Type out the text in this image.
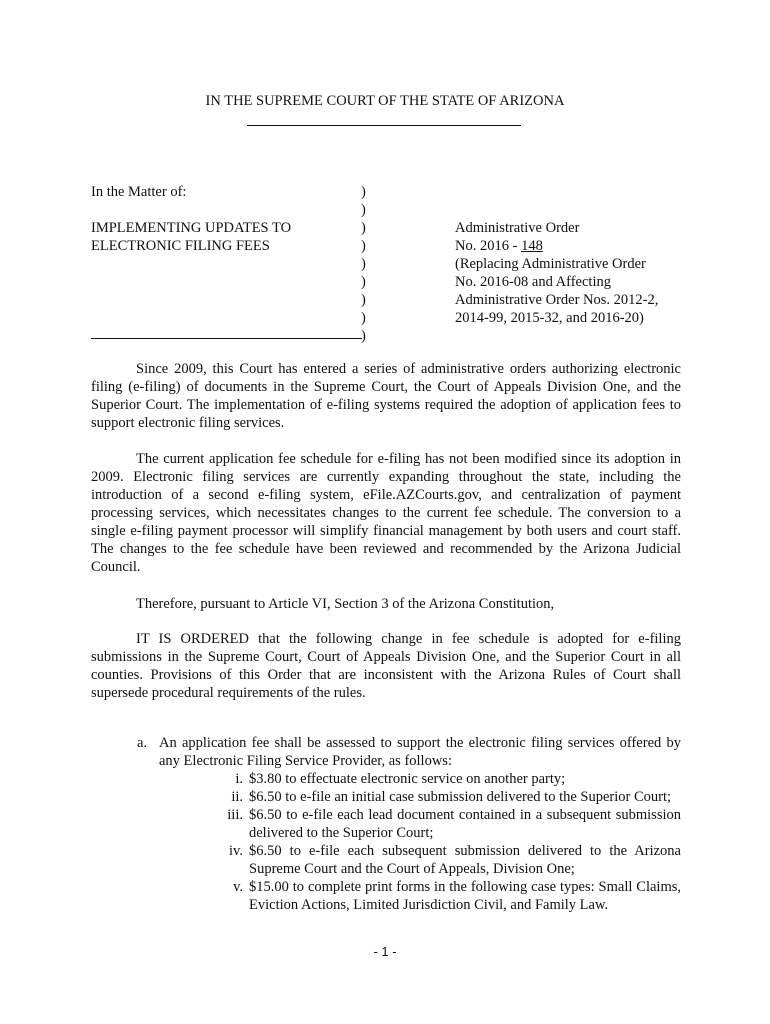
IN THE SUPREME COURT OF THE STATE OF ARIZONA
In the Matter of:
IMPLEMENTING UPDATES TO
ELECTRONIC FILING FEES
)
)
)
)
)
)
)
)
)
Administrative Order
No. 2016 - 148
(Replacing Administrative Order
No. 2016-08 and Affecting
Administrative Order Nos. 2012-2,
2014-99, 2015-32, and 2016-20)
Since 2009, this Court has entered a series of administrative orders authorizing electronic filing (e-filing) of documents in the Supreme Court, the Court of Appeals Division One, and the Superior Court. The implementation of e-filing systems required the adoption of application fees to support electronic filing services.
The current application fee schedule for e-filing has not been modified since its adoption in 2009. Electronic filing services are currently expanding throughout the state, including the introduction of a second e-filing system, eFile.AZCourts.gov, and centralization of payment processing services, which necessitates changes to the current fee schedule. The conversion to a single e-filing payment processor will simplify financial management by both users and court staff. The changes to the fee schedule have been reviewed and recommended by the Arizona Judicial Council.
Therefore, pursuant to Article VI, Section 3 of the Arizona Constitution,
IT IS ORDERED that the following change in fee schedule is adopted for e-filing submissions in the Supreme Court, Court of Appeals Division One, and the Superior Court in all counties. Provisions of this Order that are inconsistent with the Arizona Rules of Court shall supersede procedural requirements of the rules.
a. An application fee shall be assessed to support the electronic filing services offered by any Electronic Filing Service Provider, as follows:
i. $3.80 to effectuate electronic service on another party;
ii. $6.50 to e-file an initial case submission delivered to the Superior Court;
iii. $6.50 to e-file each lead document contained in a subsequent submission delivered to the Superior Court;
iv. $6.50 to e-file each subsequent submission delivered to the Arizona Supreme Court and the Court of Appeals, Division One;
v. $15.00 to complete print forms in the following case types: Small Claims, Eviction Actions, Limited Jurisdiction Civil, and Family Law.
- 1 -
